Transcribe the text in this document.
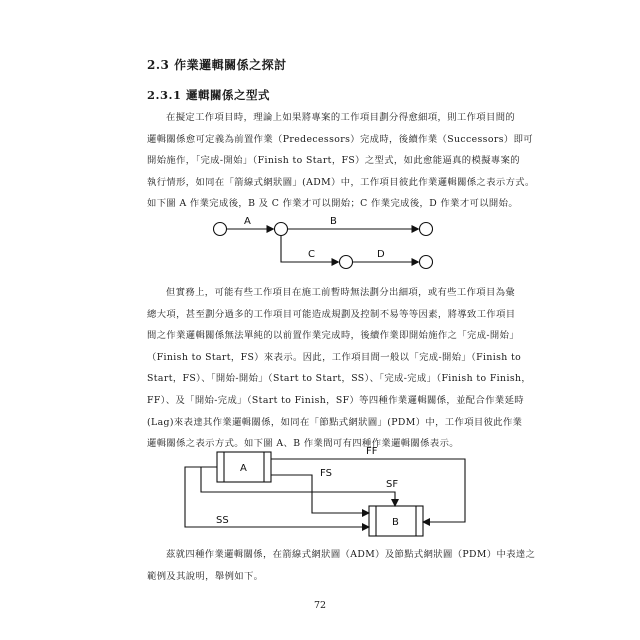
2.3 作業邏輯關係之探討
2.3.1 邏輯關係之型式
在擬定工作項目時，理論上如果將專案的工作項目劃分得愈細項，則工作項目間的
邏輯關係愈可定義為前置作業（Predecessors）完成時，後續作業（Successors）即可
開始施作，「完成-開始」（Finish to Start，FS）之型式，如此愈能逼真的模擬專案的
執行情形，如同在「箭線式網狀圖」(ADM）中，工作項目彼此作業邏輯關係之表示方式。
如下圖 A 作業完成後，B 及 C 作業才可以開始；C 作業完成後，D 作業才可以開始。
A	B
C	D
但實務上，可能有些工作項目在施工前暫時無法劃分出細項，或有些工作項目為彙
總大項，甚至劃分過多的工作項目可能造成規劃及控制不易等等因素，將導致工作項目
間之作業邏輯關係無法單純的以前置作業完成時，後續作業即開始施作之「完成-開始」
（Finish to Start，FS）來表示。因此，工作項目間一般以「完成-開始」（Finish to
Start，FS）、「開始-開始」（Start to Start，SS）、「完成-完成」（Finish to Finish，
FF）、及「開始-完成」（Start to Finish，SF）等四種作業邏輯關係，並配合作業延時
(Lag)來表達其作業邏輯關係，如同在「節點式網狀圖」(PDM）中，工作項目彼此作業
邏輯關係之表示方式。如下圖 A、B 作業間可有四種作業邏輯關係表示。
A
B
FF
FS
SF
SS
茲就四種作業邏輯關係，在箭線式網狀圖（ADM）及節點式網狀圖（PDM）中表達之
範例及其說明，舉例如下。
72
